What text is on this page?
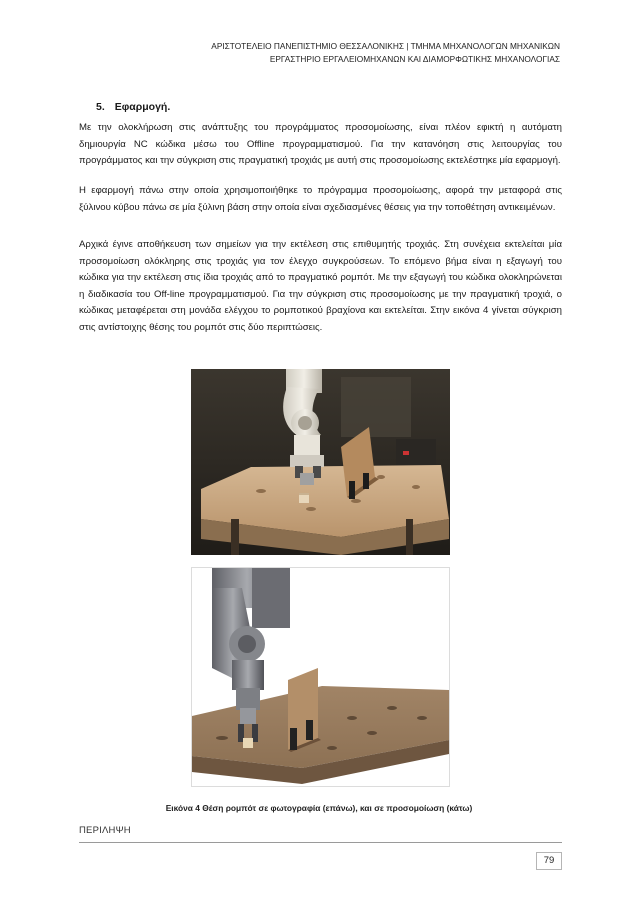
ΑΡΙΣΤΟΤΕΛΕΙΟ ΠΑΝΕΠΙΣΤΗΜΙΟ ΘΕΣΣΑΛΟΝΙΚΗΣ | ΤΜΗΜΑ ΜΗΧΑΝΟΛΟΓΩΝ ΜΗΧΑΝΙΚΩΝ
ΕΡΓΑΣΤΗΡΙΟ ΕΡΓΑΛΕΙΟΜΗΧΑΝΩΝ ΚΑΙ ΔΙΑΜΟΡΦΩΤΙΚΗΣ ΜΗΧΑΝΟΛΟΓΙΑΣ
5. Εφαρμογή.

Με την ολοκλήρωση στις ανάπτυξης του προγράμματος προσομοίωσης, είναι πλέον εφικτή η αυτόματη δημιουργία NC κώδικα μέσω του Offline προγραμματισμού. Για την κατανόηση στις λειτουργίας του προγράμματος και την σύγκριση στις πραγματική τροχιάς με αυτή στις προσομοίωσης εκτελέστηκε μία εφαρμογή.

Η εφαρμογή πάνω στην οποία χρησιμοποιήθηκε το πρόγραμμα προσομοίωσης, αφορά την μεταφορά στις ξύλινου κύβου πάνω σε μία ξύλινη βάση στην οποία είναι σχεδιασμένες θέσεις για την τοποθέτηση αντικειμένων.

Αρχικά έγινε αποθήκευση των σημείων για την εκτέλεση στις επιθυμητής τροχιάς. Στη συνέχεια εκτελείται μία προσομοίωση ολόκληρης στις τροχιάς για τον έλεγχο συγκρούσεων. Το επόμενο βήμα είναι η εξαγωγή του κώδικα για την εκτέλεση στις ίδια τροχιάς από το πραγματικό ρομπότ. Με την εξαγωγή του κώδικα ολοκληρώνεται η διαδικασία του Off-line προγραμματισμού. Για την σύγκριση στις προσομοίωσης με την πραγματική τροχιά, ο κώδικας μεταφέρεται στη μονάδα ελέγχου το ρομποτικού βραχίονα και εκτελείται. Στην εικόνα 4 γίνεται σύγκριση στις αντίστοιχης θέσης του ρομπότ στις δύο περιπτώσεις.

Εικόνα 4 Θέση ρομπότ σε φωτογραφία (επάνω), και σε προσομοίωση (κάτω)
ΠΕΡΙΛΗΨΗ
79
